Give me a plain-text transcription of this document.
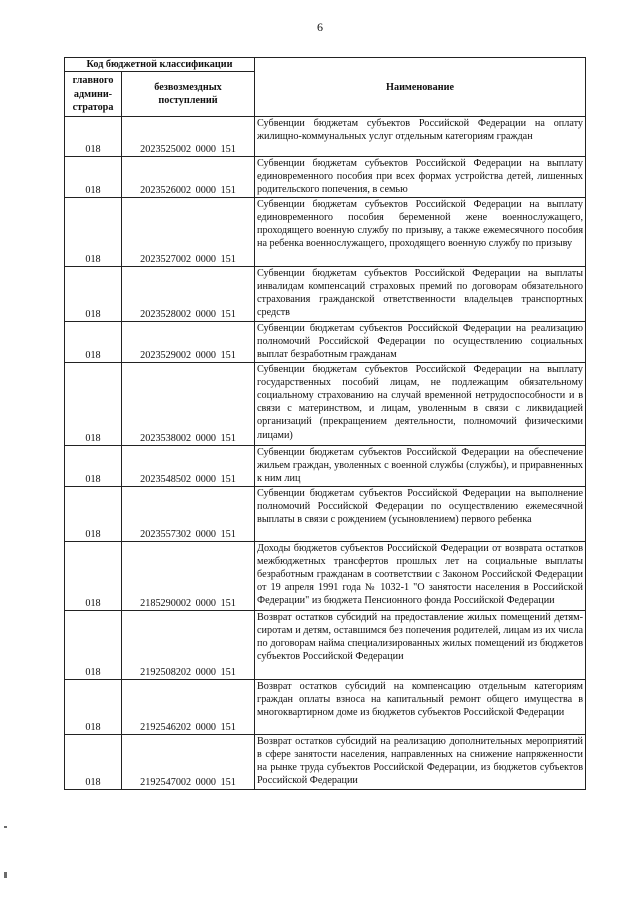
6
Код бюджетной классификации		Наименование
главного админи-стратора	безвозмездных поступлений	
018	2023525002 0000 151	Субвенции бюджетам субъектов Российской Федерации на оплату жилищно-коммунальных услуг отдельным категориям граждан
018	2023526002 0000 151	Субвенции бюджетам субъектов Российской Федерации на выплату единовременного пособия при всех формах устройства детей, лишенных родительского попечения, в семью
018	2023527002 0000 151	Субвенции бюджетам субъектов Российской Федерации на выплату единовременного пособия беременной жене военнослужащего, проходящего военную службу по призыву, а также ежемесячного пособия на ребенка военнослужащего, проходящего военную службу по призыву
018	2023528002 0000 151	Субвенции бюджетам субъектов Российской Федерации на выплаты инвалидам компенсаций страховых премий по договорам обязательного страхования гражданской ответственности владельцев транспортных средств
018	2023529002 0000 151	Субвенции бюджетам субъектов Российской Федерации на реализацию полномочий Российской Федерации по осуществлению социальных выплат безработным гражданам
018	2023538002 0000 151	Субвенции бюджетам субъектов Российской Федерации на выплату государственных пособий лицам, не подлежащим обязательному социальному страхованию на случай временной нетрудоспособности и в связи с материнством, и лицам, уволенным в связи с ликвидацией организаций (прекращением деятельности, полномочий физическими лицами)
018	2023548502 0000 151	Субвенции бюджетам субъектов Российской Федерации на обеспечение жильем граждан, уволенных с военной службы (службы), и приравненных к ним лиц
018	2023557302 0000 151	Субвенции бюджетам субъектов Российской Федерации на выполнение полномочий Российской Федерации по осуществлению ежемесячной выплаты в связи с рождением (усыновлением) первого ребенка
018	2185290002 0000 151	Доходы бюджетов субъектов Российской Федерации от возврата остатков межбюджетных трансфертов прошлых лет на социальные выплаты безработным гражданам в соответствии с Законом Российской Федерации от 19 апреля 1991 года № 1032-1 "О занятости населения в Российской Федерации" из бюджета Пенсионного фонда Российской Федерации
018	2192508202 0000 151	Возврат остатков субсидий на предоставление жилых помещений детям-сиротам и детям, оставшимся без попечения родителей, лицам из их числа по договорам найма специализированных жилых помещений из бюджетов субъектов Российской Федерации
018	2192546202 0000 151	Возврат остатков субсидий на компенсацию отдельным категориям граждан оплаты взноса на капитальный ремонт общего имущества в многоквартирном доме из бюджетов субъектов Российской Федерации
018	2192547002 0000 151	Возврат остатков субсидий на реализацию дополнительных мероприятий в сфере занятости населения, направленных на снижение напряженности на рынке труда субъектов Российской Федерации, из бюджетов субъектов Российской Федерации
